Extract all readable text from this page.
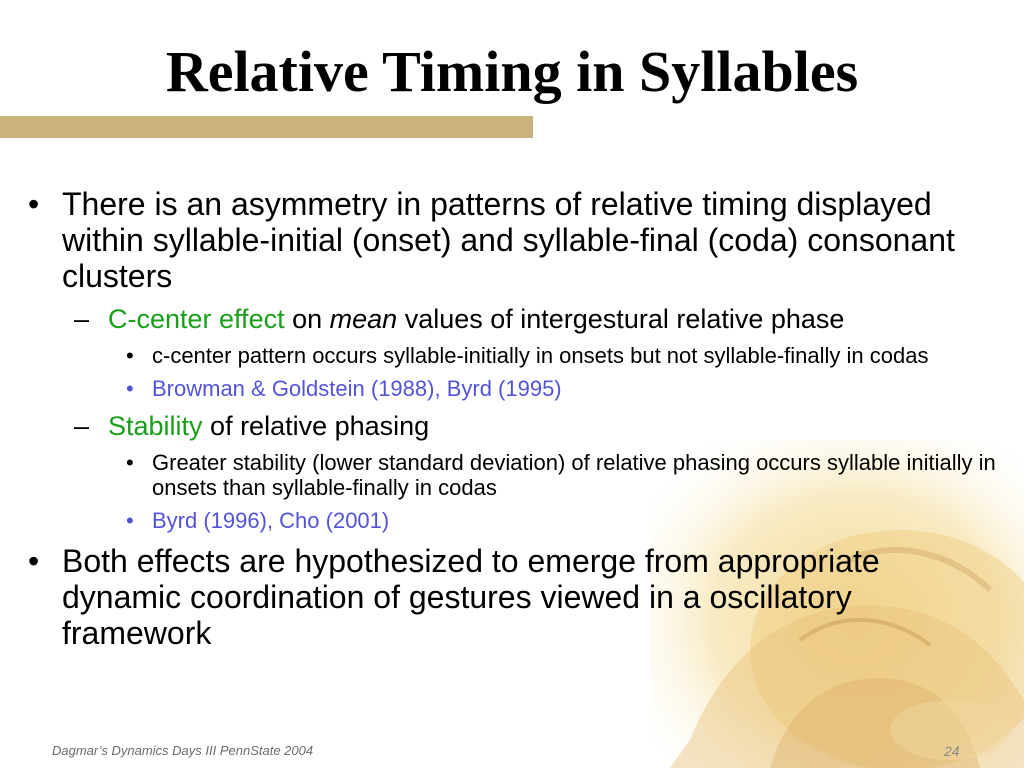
Relative Timing in Syllables
• There is an asymmetry in patterns of relative timing displayed within syllable-initial (onset) and syllable-final (coda) consonant clusters
– C-center effect on mean values of intergestural relative phase
• c-center pattern occurs syllable-initially in onsets but not syllable-finally in codas
• Browman & Goldstein (1988), Byrd (1995)
– Stability of relative phasing
• Greater stability (lower standard deviation) of relative phasing occurs syllable initially in onsets than syllable-finally in codas
• Byrd (1996), Cho (2001)
• Both effects are hypothesized to emerge from appropriate dynamic coordination of gestures viewed in a oscillatory framework
Dagmar’s Dynamics Days III PennState 2004	24
